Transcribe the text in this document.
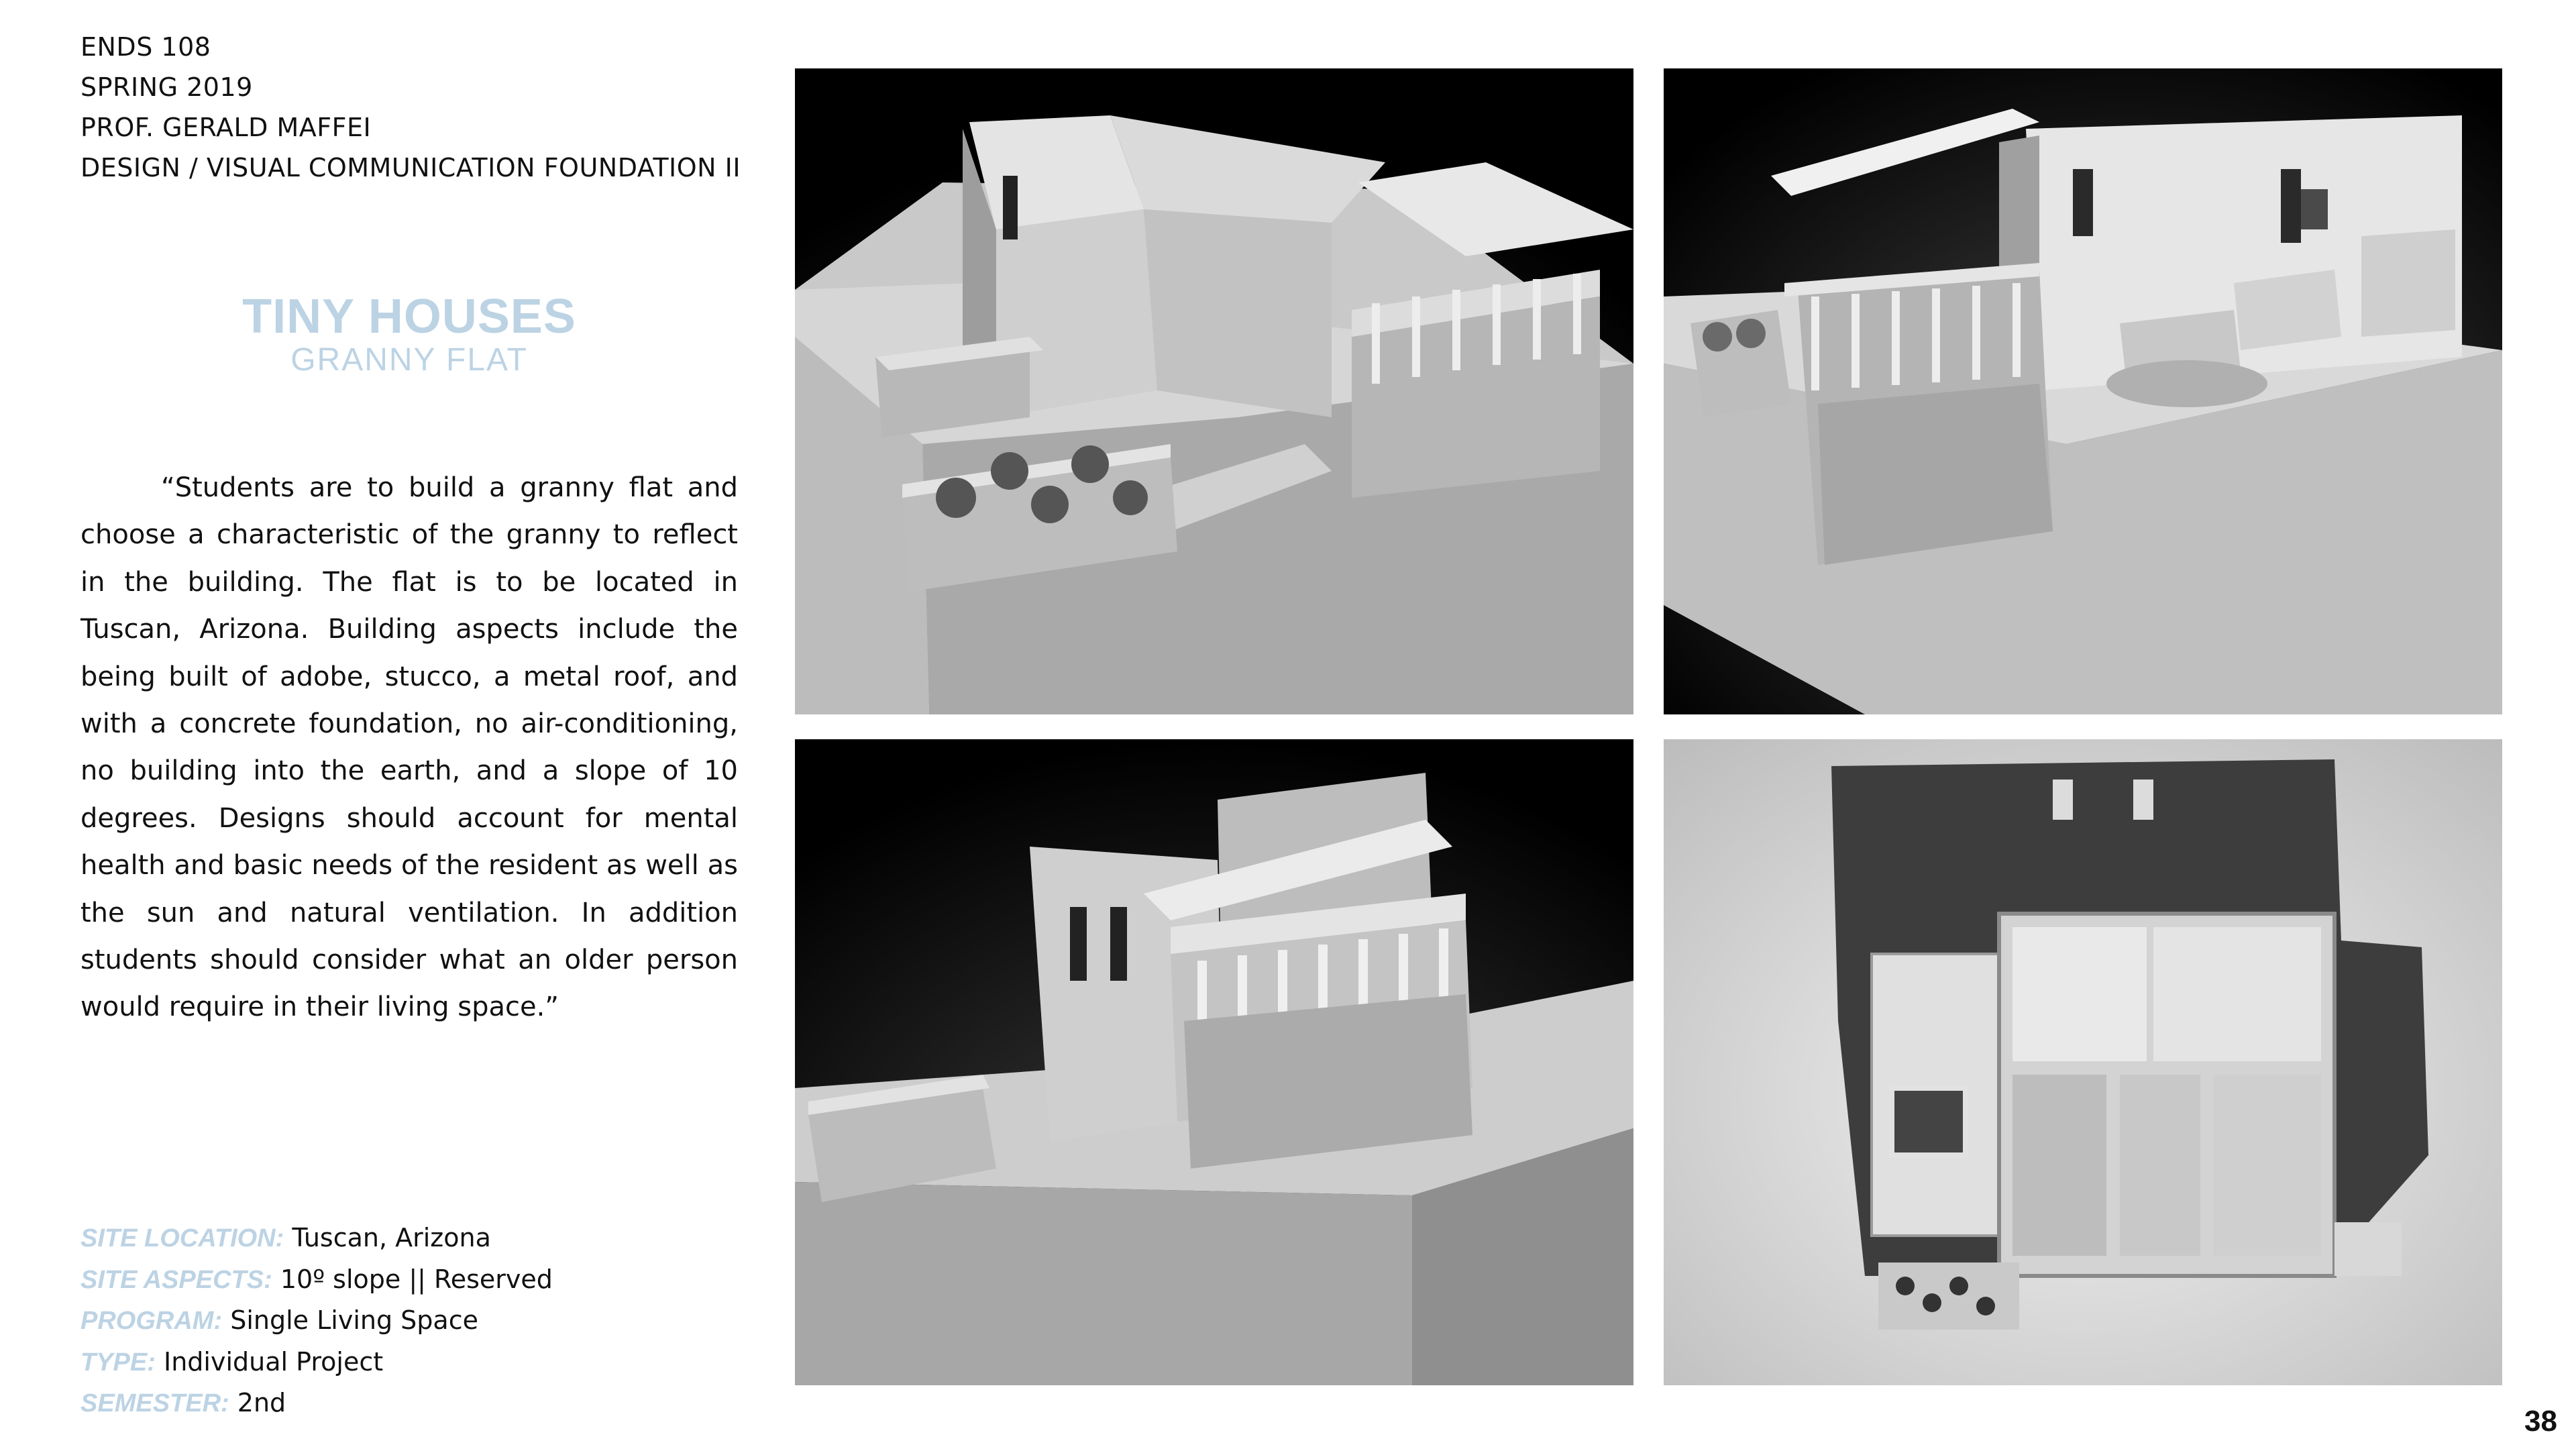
ENDS 108
SPRING 2019
PROF. GERALD MAFFEI
DESIGN / VISUAL COMMUNICATION FOUNDATION II
TINY HOUSES
GRANNY FLAT

“Students are to build a granny flat and choose a characteristic of the granny to reflect in the building. The flat is to be located in Tuscan, Arizona. Building aspects include the being built of adobe, stucco, a metal roof, and with a concrete foundation, no air-conditioning, no building into the earth, and a slope of 10 degrees. Designs should account for mental health and basic needs of the resident as well as the sun and natural ventilation. In addition students should consider what an older person would require in their living space.”

SITE LOCATION: Tuscan, Arizona
SITE ASPECTS: 10º slope || Reserved
PROGRAM: Single Living Space
TYPE: Individual Project
SEMESTER: 2nd
38
